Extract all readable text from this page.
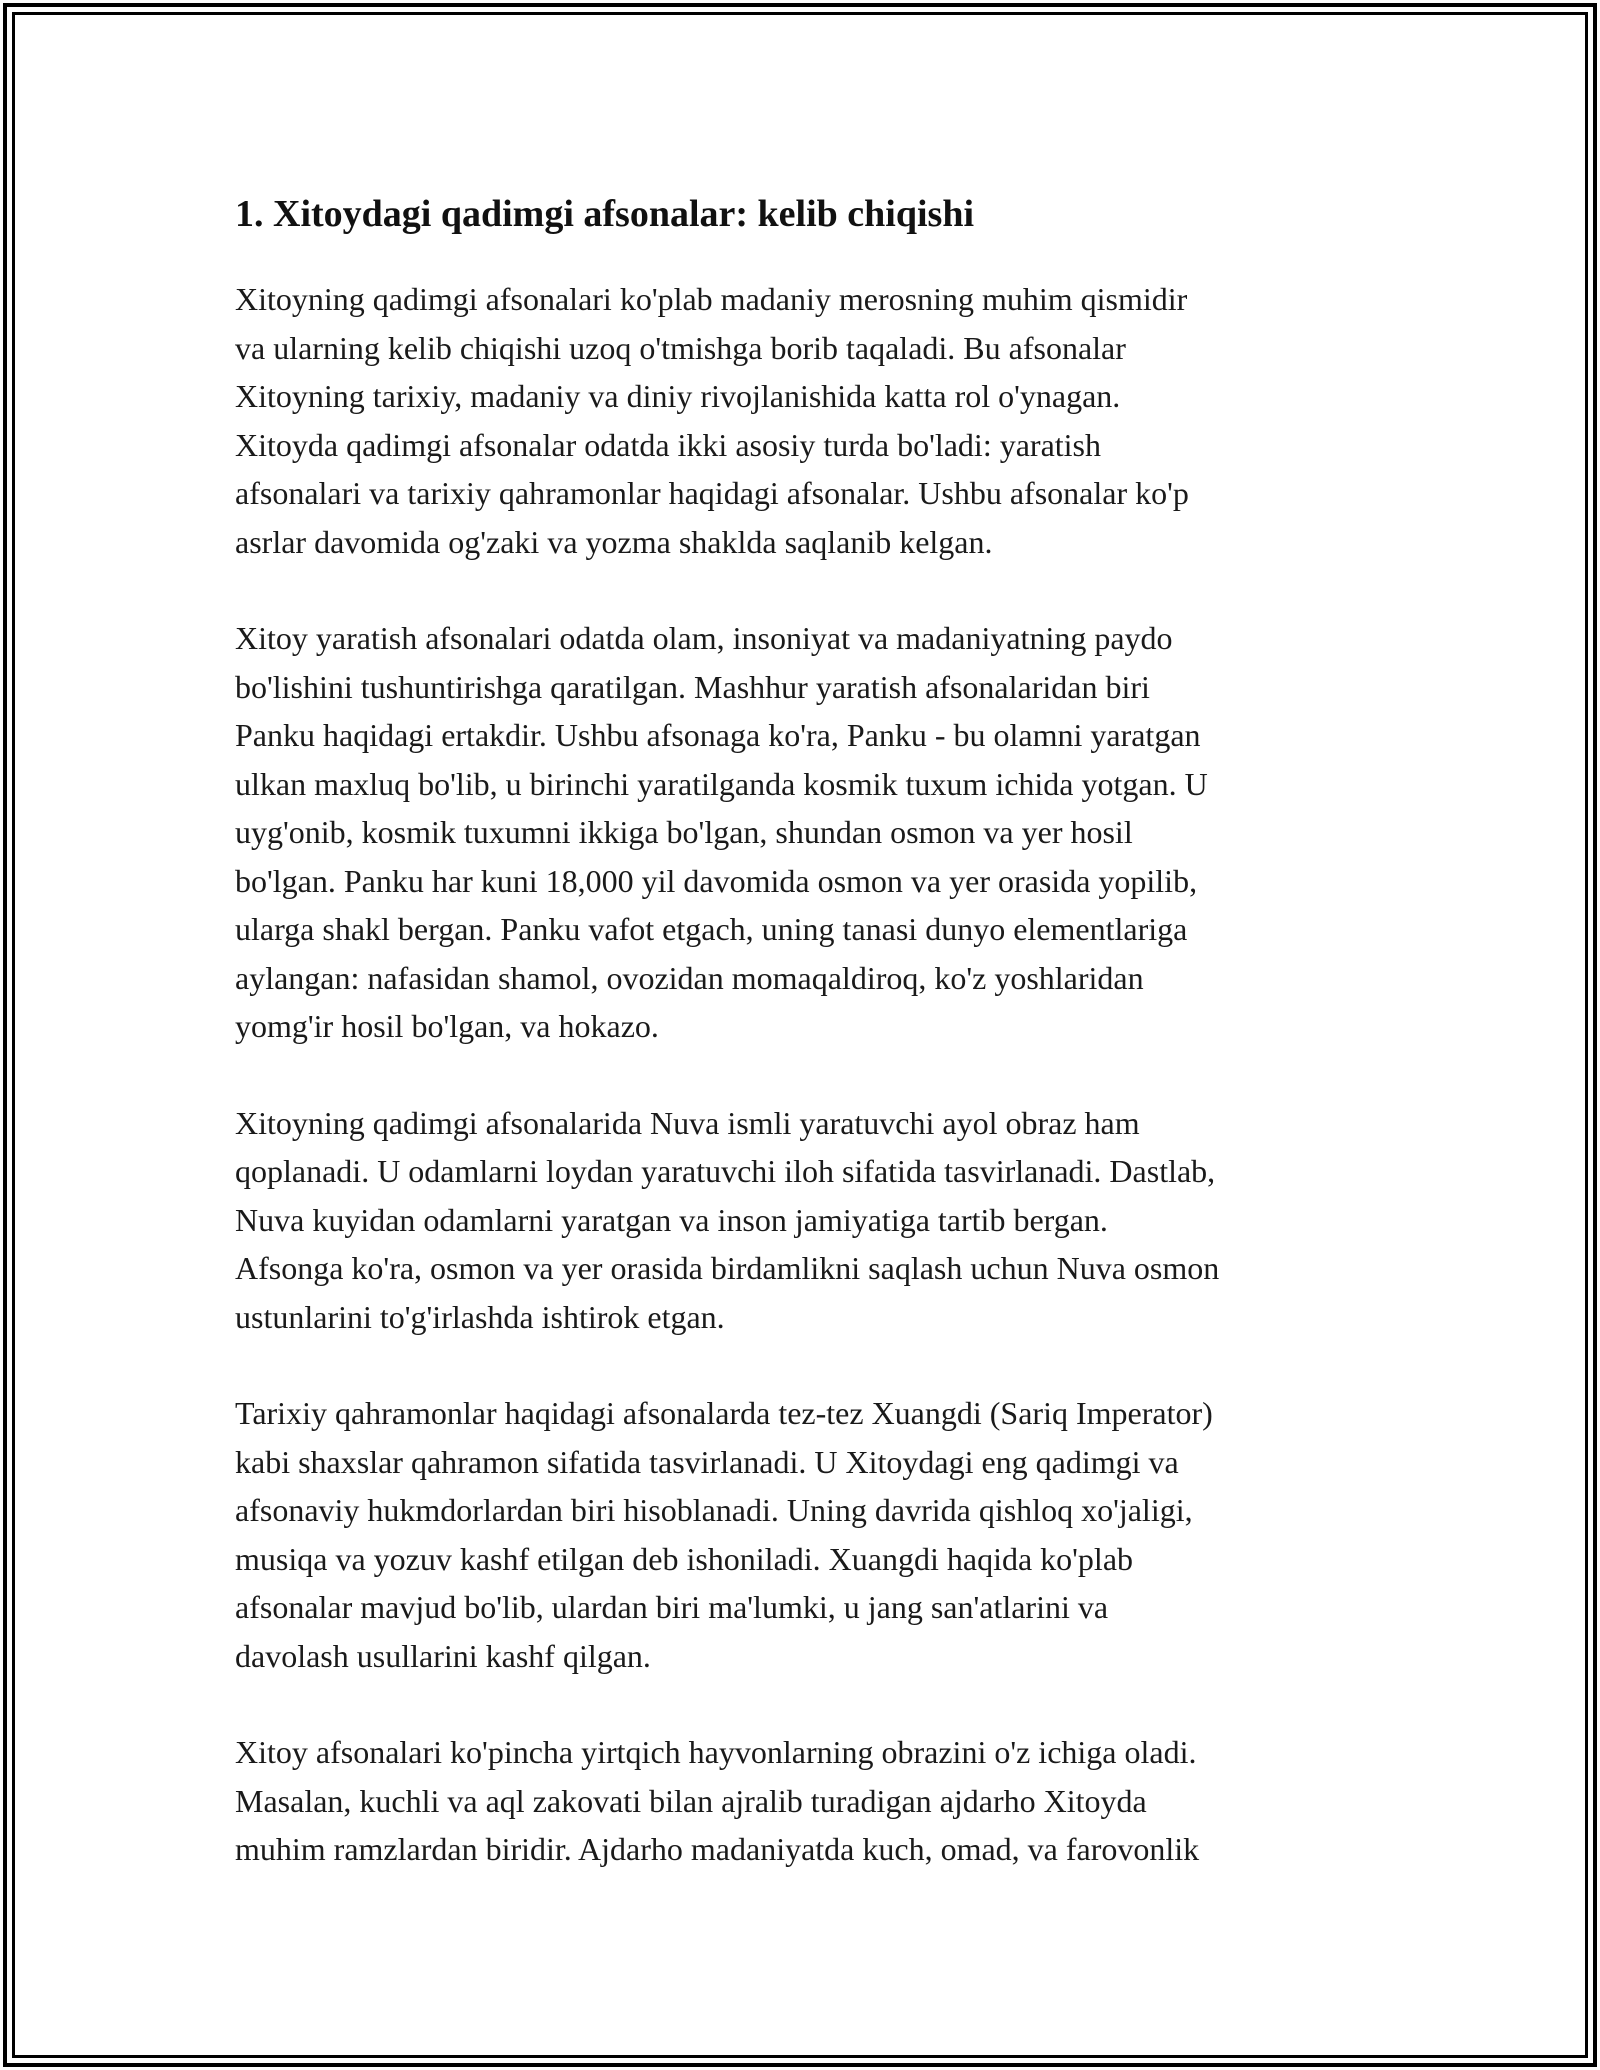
1. Xitoydagi qadimgi afsonalar: kelib chiqishi

Xitoyning qadimgi afsonalari ko'plab madaniy merosning muhim qismidir
va ularning kelib chiqishi uzoq o'tmishga borib taqaladi. Bu afsonalar
Xitoyning tarixiy, madaniy va diniy rivojlanishida katta rol o'ynagan.
Xitoyda qadimgi afsonalar odatda ikki asosiy turda bo'ladi: yaratish
afsonalari va tarixiy qahramonlar haqidagi afsonalar. Ushbu afsonalar ko'p
asrlar davomida og'zaki va yozma shaklda saqlanib kelgan.

Xitoy yaratish afsonalari odatda olam, insoniyat va madaniyatning paydo
bo'lishini tushuntirishga qaratilgan. Mashhur yaratish afsonalaridan biri
Panku haqidagi ertakdir. Ushbu afsonaga ko'ra, Panku - bu olamni yaratgan
ulkan maxluq bo'lib, u birinchi yaratilganda kosmik tuxum ichida yotgan. U
uyg'onib, kosmik tuxumni ikkiga bo'lgan, shundan osmon va yer hosil
bo'lgan. Panku har kuni 18,000 yil davomida osmon va yer orasida yopilib,
ularga shakl bergan. Panku vafot etgach, uning tanasi dunyo elementlariga
aylangan: nafasidan shamol, ovozidan momaqaldiroq, ko'z yoshlaridan
yomg'ir hosil bo'lgan, va hokazo.

Xitoyning qadimgi afsonalarida Nuva ismli yaratuvchi ayol obraz ham
qoplanadi. U odamlarni loydan yaratuvchi iloh sifatida tasvirlanadi. Dastlab,
Nuva kuyidan odamlarni yaratgan va inson jamiyatiga tartib bergan.
Afsonga ko'ra, osmon va yer orasida birdamlikni saqlash uchun Nuva osmon
ustunlarini to'g'irlashda ishtirok etgan.

Tarixiy qahramonlar haqidagi afsonalarda tez-tez Xuangdi (Sariq Imperator)
kabi shaxslar qahramon sifatida tasvirlanadi. U Xitoydagi eng qadimgi va
afsonaviy hukmdorlardan biri hisoblanadi. Uning davrida qishloq xo'jaligi,
musiqa va yozuv kashf etilgan deb ishoniladi. Xuangdi haqida ko'plab
afsonalar mavjud bo'lib, ulardan biri ma'lumki, u jang san'atlarini va
davolash usullarini kashf qilgan.

Xitoy afsonalari ko'pincha yirtqich hayvonlarning obrazini o'z ichiga oladi.
Masalan, kuchli va aql zakovati bilan ajralib turadigan ajdarho Xitoyda
muhim ramzlardan biridir. Ajdarho madaniyatda kuch, omad, va farovonlik
